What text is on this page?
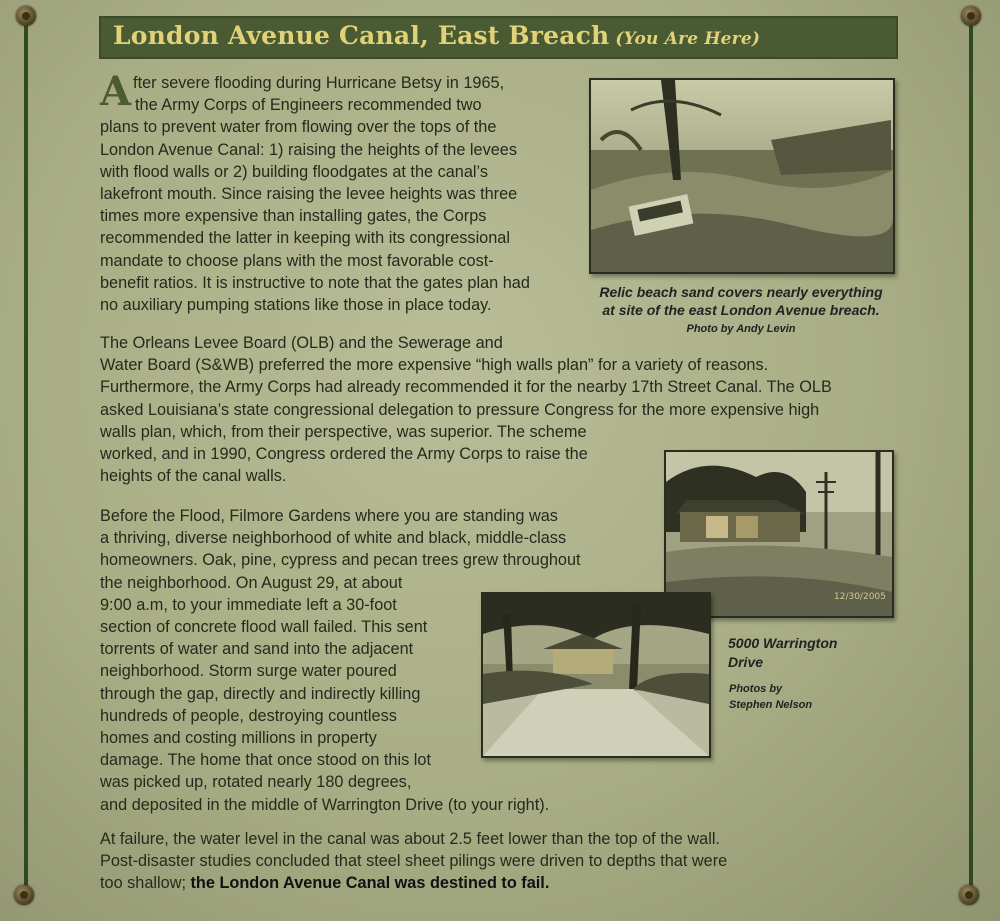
London Avenue Canal, East Breach (You Are Here)
After severe flooding during Hurricane Betsy in 1965,
the Army Corps of Engineers recommended two
plans to prevent water from flowing over the tops of the
London Avenue Canal: 1) raising the heights of the levees
with flood walls or 2) building floodgates at the canal’s
lakefront mouth. Since raising the levee heights was three
times more expensive than installing gates, the Corps
recommended the latter in keeping with its congressional
mandate to choose plans with the most favorable cost-
benefit ratios. It is instructive to note that the gates plan had
no auxiliary pumping stations like those in place today.
Relic beach sand covers nearly everything
at site of the east London Avenue breach.
Photo by Andy Levin
The Orleans Levee Board (OLB) and the Sewerage and
Water Board (S&WB) preferred the more expensive “high walls plan” for a variety of reasons.
Furthermore, the Army Corps had already recommended it for the nearby 17th Street Canal. The OLB
asked Louisiana’s state congressional delegation to pressure Congress for the more expensive high
walls plan, which, from their perspective, was superior. The scheme
worked, and in 1990, Congress ordered the Army Corps to raise the
heights of the canal walls.
12/30/2005
Before the Flood, Filmore Gardens where you are standing was
a thriving, diverse neighborhood of white and black, middle-class
homeowners. Oak, pine, cypress and pecan trees grew throughout
the neighborhood. On August 29, at about
9:00 a.m, to your immediate left a 30-foot
section of concrete flood wall failed. This sent
torrents of water and sand into the adjacent
neighborhood. Storm surge water poured
through the gap, directly and indirectly killing
hundreds of people, destroying countless
homes and costing millions in property
damage. The home that once stood on this lot
was picked up, rotated nearly 180 degrees,
and deposited in the middle of Warrington Drive (to your right).
5000 Warrington
Drive
Photos by
Stephen Nelson
At failure, the water level in the canal was about 2.5 feet lower than the top of the wall.
Post-disaster studies concluded that steel sheet pilings were driven to depths that were
too shallow; the London Avenue Canal was destined to fail.
